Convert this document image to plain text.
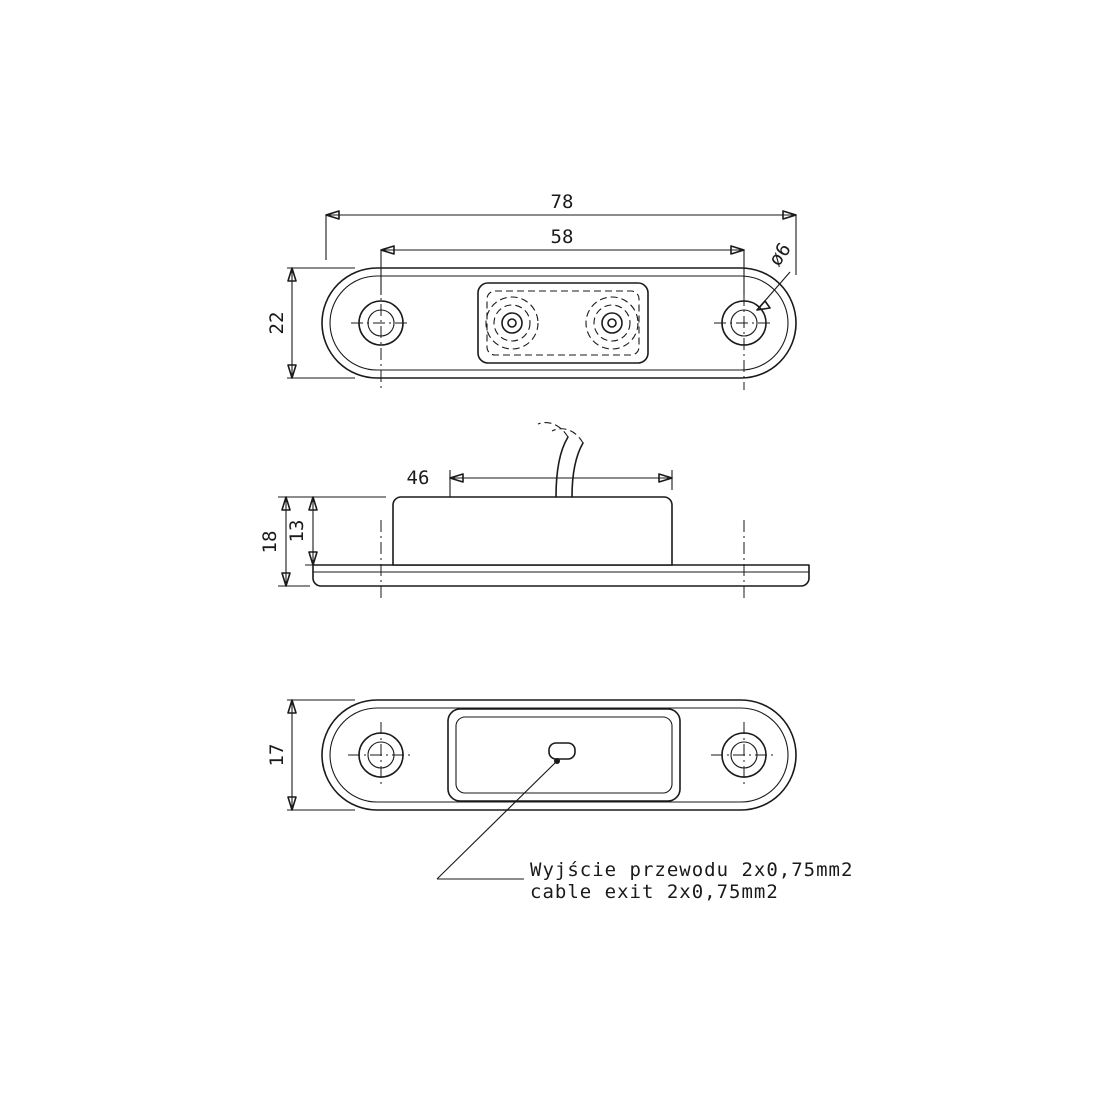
78
58
22
ø6
46
18 13
17
Wyjście przewodu 2x0,75mm2
cable exit 2x0,75mm2
